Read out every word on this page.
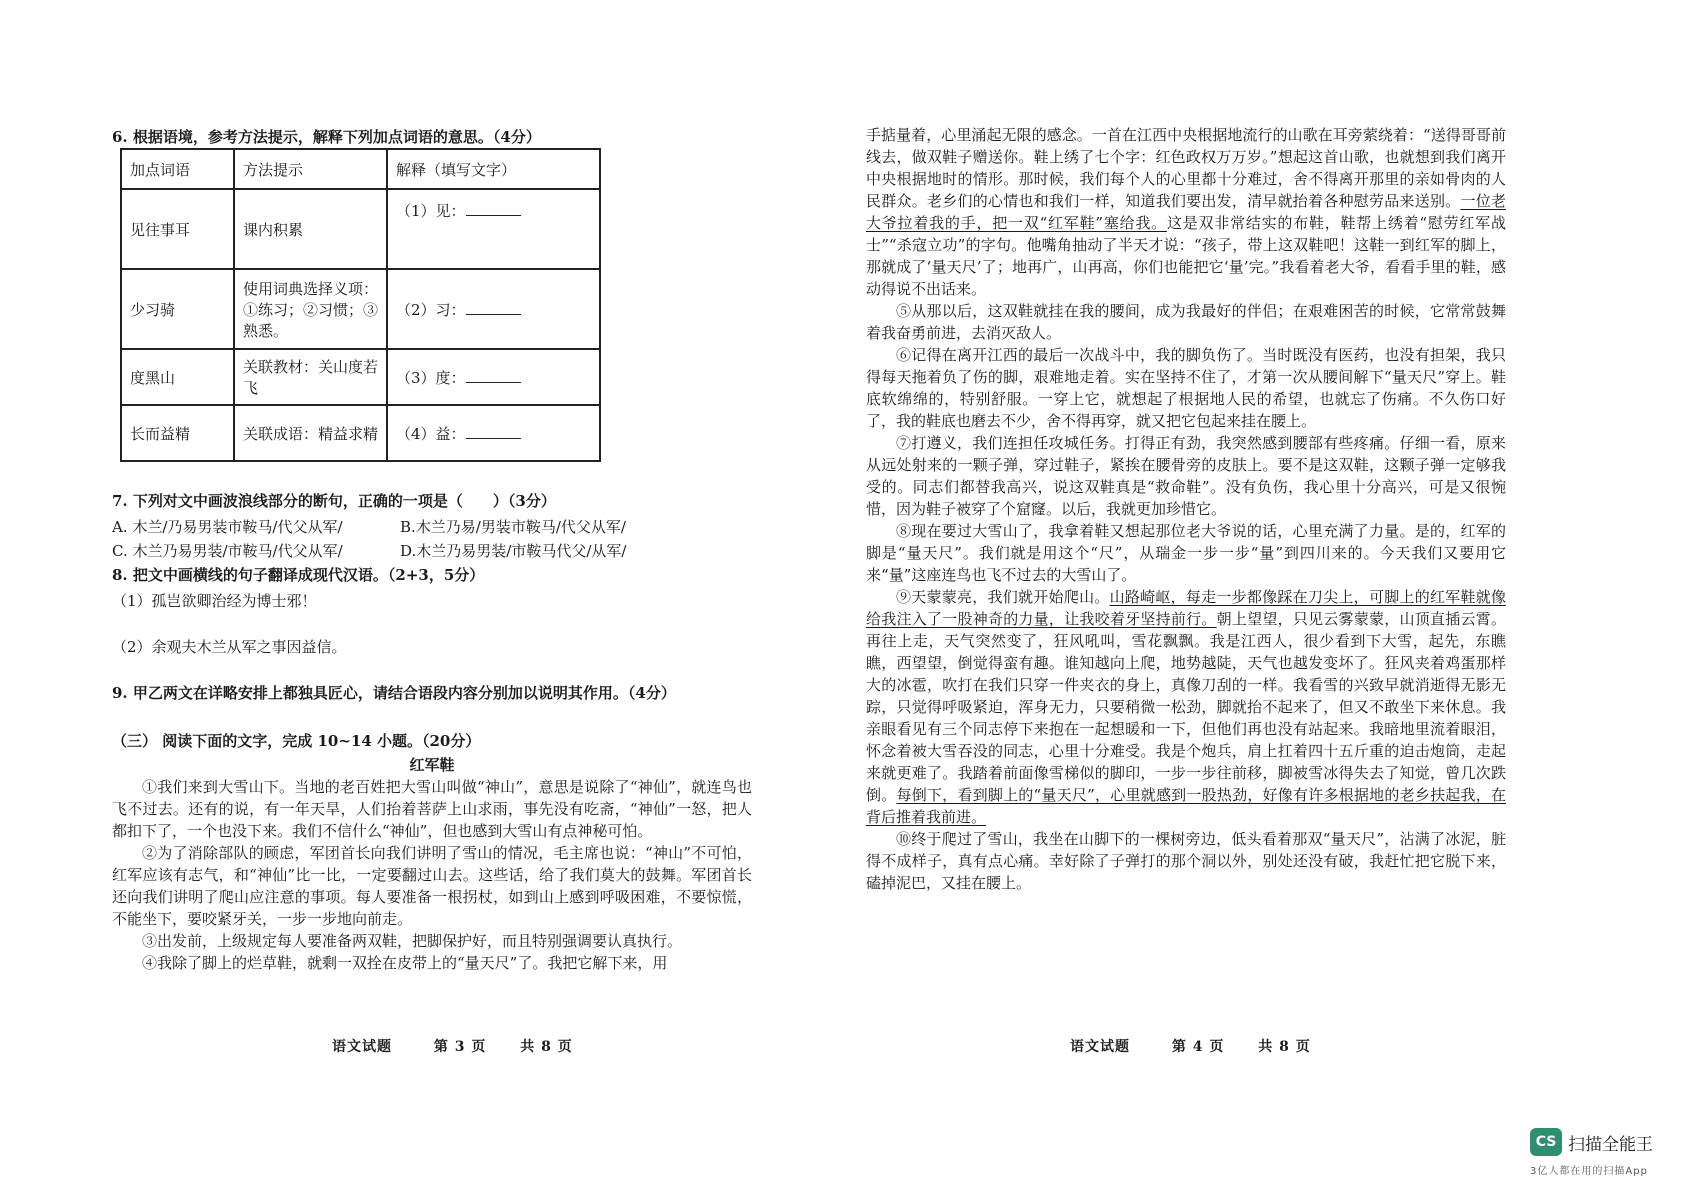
6. 根据语境，参考方法提示，解释下列加点词语的意思。（4分）
加点词语	方法提示	解释（填写文字）
见往事耳	课内积累	（1）见：
少习骑	使用词典选择义项：①练习；②习惯；③熟悉。	（2）习：
度黑山	关联教材：关山度若飞	（3）度：
长而益精	关联成语：精益求精	（4）益：
7. 下列对文中画波浪线部分的断句，正确的一项是（　　）（3分）
A. 木兰/乃易男装市鞍马/代父从军/	B.木兰乃易/男装市鞍马/代父从军/
C. 木兰乃易男装/市鞍马/代父从军/	D.木兰乃易男装/市鞍马代父/从军/
8. 把文中画横线的句子翻译成现代汉语。（2+3，5分）
（1）孤岂欲卿治经为博士邪！
（2）余观夫木兰从军之事因益信。
9. 甲乙两文在详略安排上都独具匠心，请结合语段内容分别加以说明其作用。（4分）
（三） 阅读下面的文字，完成 10~14 小题。（20分）

红军鞋

①我们来到大雪山下。当地的老百姓把大雪山叫做“神山”，意思是说除了“神仙”，就连鸟也飞不过去。还有的说，有一年天旱，人们抬着菩萨上山求雨，事先没有吃斋，“神仙”一怒，把人都扣下了，一个也没下来。我们不信什么“神仙”，但也感到大雪山有点神秘可怕。

②为了消除部队的顾虑，军团首长向我们讲明了雪山的情况，毛主席也说：“神山”不可怕，红军应该有志气，和“神仙”比一比，一定要翻过山去。这些话，给了我们莫大的鼓舞。军团首长还向我们讲明了爬山应注意的事项。每人要准备一根拐杖，如到山上感到呼吸困难，不要惊慌，不能坐下，要咬紧牙关，一步一步地向前走。

③出发前，上级规定每人要准备两双鞋，把脚保护好，而且特别强调要认真执行。

④我除了脚上的烂草鞋，就剩一双拴在皮带上的“量天尺”了。我把它解下来，用

语文试题	第 3 页 共 8 页

手掂量着，心里涌起无限的感念。一首在江西中央根据地流行的山歌在耳旁萦绕着：“送得哥哥前线去，做双鞋子赠送你。鞋上绣了七个字：红色政权万万岁。”想起这首山歌，也就想到我们离开中央根据地时的情形。那时候，我们每个人的心里都十分难过，舍不得离开那里的亲如骨肉的人民群众。老乡们的心情也和我们一样，知道我们要出发，清早就抬着各种慰劳品来送别。一位老大爷拉着我的手，把一双“红军鞋”塞给我。这是双非常结实的布鞋，鞋帮上绣着“慰劳红军战士”“杀寇立功”的字句。他嘴角抽动了半天才说：“孩子，带上这双鞋吧！这鞋一到红军的脚上，那就成了‘量天尺’了；地再广，山再高，你们也能把它‘量’完。”我看着老大爷，看看手里的鞋，感动得说不出话来。

⑤从那以后，这双鞋就挂在我的腰间，成为我最好的伴侣；在艰难困苦的时候，它常常鼓舞着我奋勇前进，去消灭敌人。

⑥记得在离开江西的最后一次战斗中，我的脚负伤了。当时既没有医药，也没有担架，我只得每天拖着负了伤的脚，艰难地走着。实在坚持不住了，才第一次从腰间解下“量天尺”穿上。鞋底软绵绵的，特别舒服。一穿上它，就想起了根据地人民的希望，也就忘了伤痛。不久伤口好了，我的鞋底也磨去不少，舍不得再穿，就又把它包起来挂在腰上。

⑦打遵义，我们连担任攻城任务。打得正有劲，我突然感到腰部有些疼痛。仔细一看，原来从远处射来的一颗子弹，穿过鞋子，紧挨在腰骨旁的皮肤上。要不是这双鞋，这颗子弹一定够我受的。同志们都替我高兴，说这双鞋真是“救命鞋”。没有负伤，我心里十分高兴，可是又很惋惜，因为鞋子被穿了个窟窿。以后，我就更加珍惜它。

⑧现在要过大雪山了，我拿着鞋又想起那位老大爷说的话，心里充满了力量。是的，红军的脚是“量天尺”。我们就是用这个“尺”，从瑞金一步一步“量”到四川来的。今天我们又要用它来“量”这座连鸟也飞不过去的大雪山了。

⑨天蒙蒙亮，我们就开始爬山。山路崎岖，每走一步都像踩在刀尖上，可脚上的红军鞋就像给我注入了一股神奇的力量，让我咬着牙坚持前行。朝上望望，只见云雾蒙蒙，山顶直插云霄。再往上走，天气突然变了，狂风吼叫，雪花飘飘。我是江西人，很少看到下大雪，起先，东瞧瞧，西望望，倒觉得蛮有趣。谁知越向上爬，地势越陡，天气也越发变坏了。狂风夹着鸡蛋那样大的冰雹，吹打在我们只穿一件夹衣的身上，真像刀刮的一样。我看雪的兴致早就消逝得无影无踪，只觉得呼吸紧迫，浑身无力，只要稍微一松劲，脚就抬不起来了，但又不敢坐下来休息。我亲眼看见有三个同志停下来抱在一起想暖和一下，但他们再也没有站起来。我暗地里流着眼泪，怀念着被大雪吞没的同志，心里十分难受。我是个炮兵，肩上扛着四十五斤重的迫击炮筒，走起来就更难了。我踏着前面像雪梯似的脚印，一步一步往前移，脚被雪冰得失去了知觉，曾几次跌倒。每倒下，看到脚上的“量天尺”，心里就感到一股热劲，好像有许多根据地的老乡扶起我，在背后推着我前进。

⑩终于爬过了雪山，我坐在山脚下的一棵树旁边，低头看着那双“量天尺”，沾满了冰泥，脏得不成样子，真有点心痛。幸好除了子弹打的那个洞以外，别处还没有破，我赶忙把它脱下来，磕掉泥巴，又挂在腰上。

语文试题	第 4 页 共 8 页
CS 扫描全能王
3亿人都在用的扫描App
